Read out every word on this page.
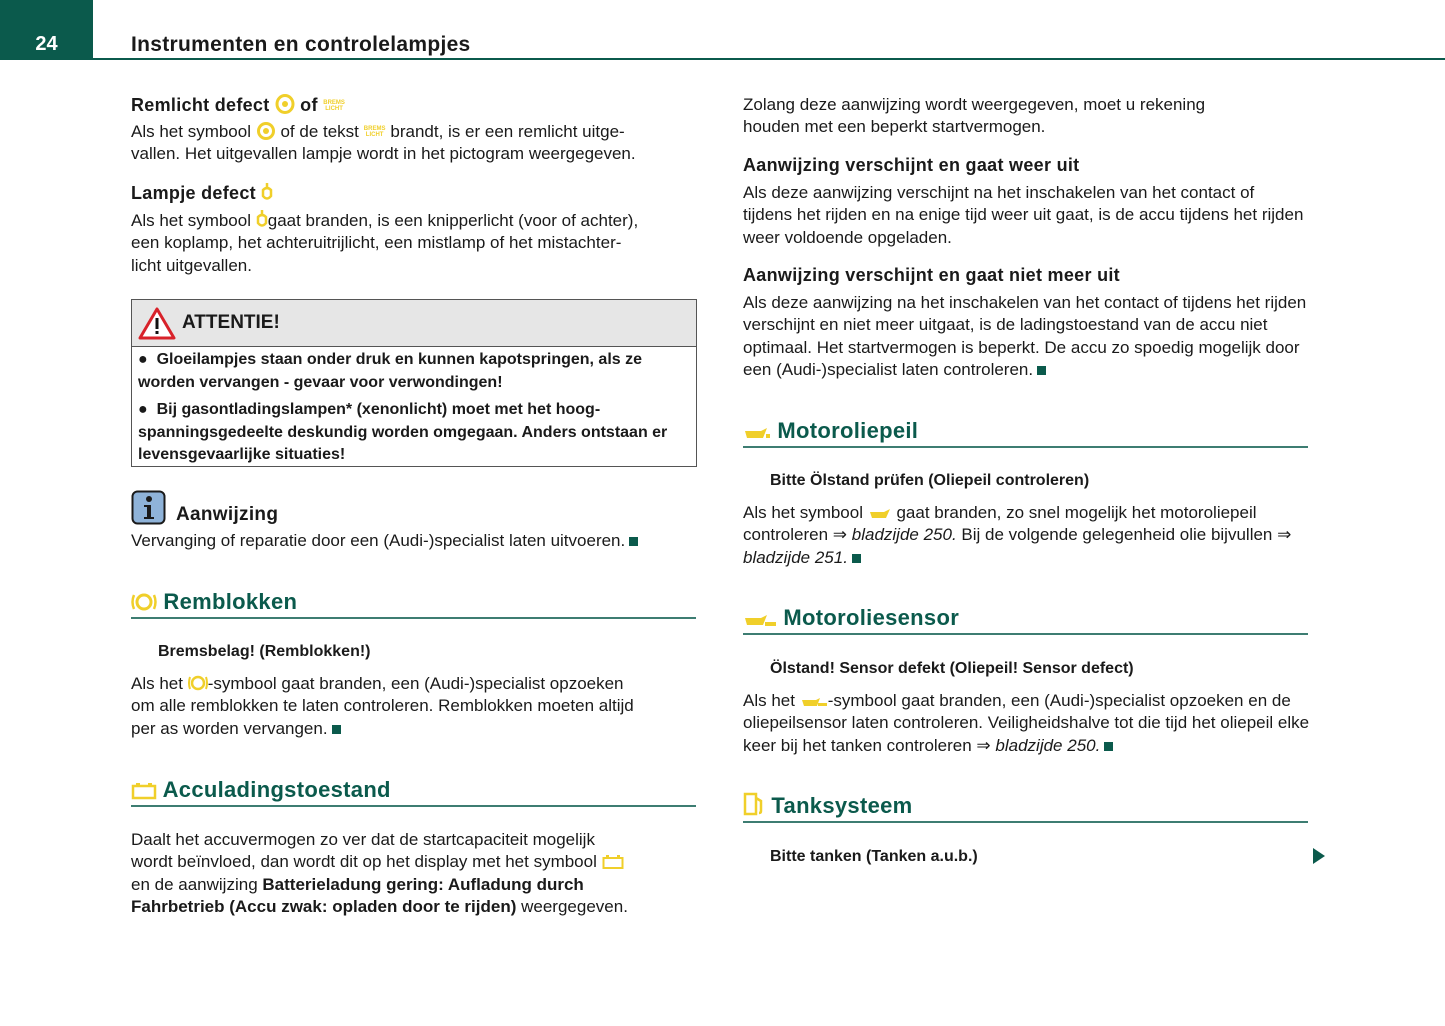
24	Instrumenten en controlelampjes
Remlicht defect of BREMS LICHT
Als het symbool of de tekst BREMS LICHT brandt, is er een remlicht uitge-
vallen. Het uitgevallen lampje wordt in het pictogram weergegeven.
Lampje defect
Als het symbool gaat branden, is een knipperlicht (voor of achter),
een koplamp, het achteruitrijlicht, een mistlamp of het mistachter-
licht uitgevallen.
ATTENTIE!
●  Gloeilampjes staan onder druk en kunnen kapotspringen, als ze worden vervangen - gevaar voor verwondingen!
●  Bij gasontladingslampen* (xenonlicht) moet met het hoogspanningsgedeelte deskundig worden omgegaan. Anders ontstaan er levensgevaarlijke situaties!
Aanwijzing
Vervanging of reparatie door een (Audi-)specialist laten uitvoeren.
Remblokken
Bremsbelag! (Remblokken!)
Als het -symbool gaat branden, een (Audi-)specialist opzoeken
om alle remblokken te laten controleren. Remblokken moeten altijd
per as worden vervangen.
Acculadingstoestand
Daalt het accuvermogen zo ver dat de startcapaciteit mogelijk
wordt beïnvloed, dan wordt dit op het display met het symbool
en de aanwijzing Batterieladung gering: Aufladung durch
Fahrbetrieb (Accu zwak: opladen door te rijden) weergegeven.
Zolang deze aanwijzing wordt weergegeven, moet u rekening
houden met een beperkt startvermogen.
Aanwijzing verschijnt en gaat weer uit
Als deze aanwijzing verschijnt na het inschakelen van het contact of tijdens het rijden en na enige tijd weer uit gaat, is de accu tijdens het rijden weer voldoende opgeladen.
Aanwijzing verschijnt en gaat niet meer uit
Als deze aanwijzing na het inschakelen van het contact of tijdens het rijden verschijnt en niet meer uitgaat, is de ladingstoestand van de accu niet optimaal. Het startvermogen is beperkt. De accu zo spoedig mogelijk door een (Audi-)specialist laten controleren.
Motoroliepeil
Bitte Ölstand prüfen (Oliepeil controleren)
Als het symbool gaat branden, zo snel mogelijk het motoroliepeil controleren ⇒ bladzijde 250. Bij de volgende gelegenheid olie bijvullen ⇒ bladzijde 251.
Motoroliesensor
Ölstand! Sensor defekt (Oliepeil! Sensor defect)
Als het -symbool gaat branden, een (Audi-)specialist opzoeken en de oliepeilsensor laten controleren. Veiligheidshalve tot die tijd het oliepeil elke keer bij het tanken controleren ⇒ bladzijde 250.
Tanksysteem
Bitte tanken (Tanken a.u.b.)
